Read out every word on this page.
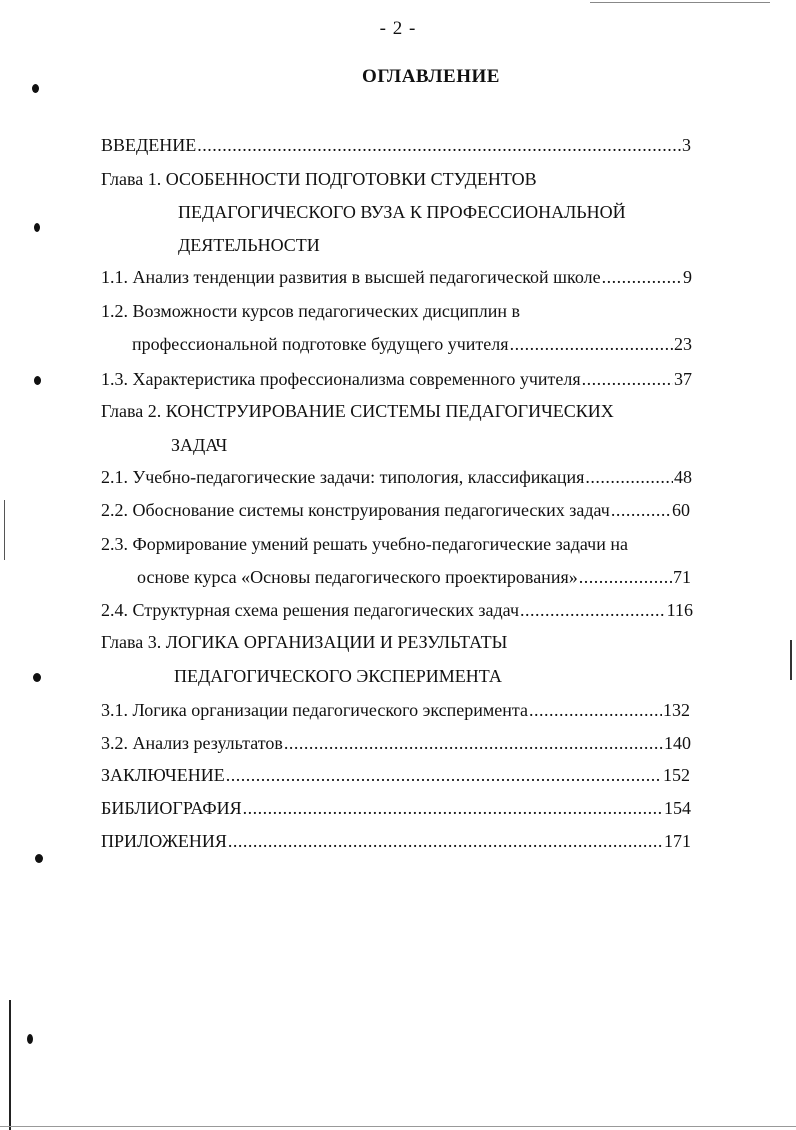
- 2 -
ОГЛАВЛЕНИЕ
ВВЕДЕНИЕ .....	3
Глава 1. ОСОБЕННОСТИ ПОДГОТОВКИ СТУДЕНТОВ
ПЕДАГОГИЧЕСКОГО ВУЗА К ПРОФЕССИОНАЛЬНОЙ
ДЕЯТЕЛЬНОСТИ
1.1. Анализ тенденции развития в высшей педагогической школе .....	9
1.2. Возможности курсов педагогических дисциплин в
профессиональной подготовке будущего учителя .....	23
1.3. Характеристика профессионализма современного учителя .....	37
Глава 2. КОНСТРУИРОВАНИЕ СИСТЕМЫ ПЕДАГОГИЧЕСКИХ
ЗАДАЧ
2.1. Учебно-педагогические задачи: типология, классификация .....	48
2.2. Обоснование системы конструирования педагогических задач .....	60
2.3. Формирование умений решать учебно-педагогические задачи на
основе курса «Основы педагогического проектирования» .....	71
2.4. Структурная схема решения педагогических задач .....	116
Глава 3. ЛОГИКА ОРГАНИЗАЦИИ И РЕЗУЛЬТАТЫ
ПЕДАГОГИЧЕСКОГО ЭКСПЕРИМЕНТА
3.1. Логика организации педагогического эксперимента .....	132
3.2. Анализ результатов .....	140
ЗАКЛЮЧЕНИЕ .....	152
БИБЛИОГРАФИЯ .....	154
ПРИЛОЖЕНИЯ .....	171
